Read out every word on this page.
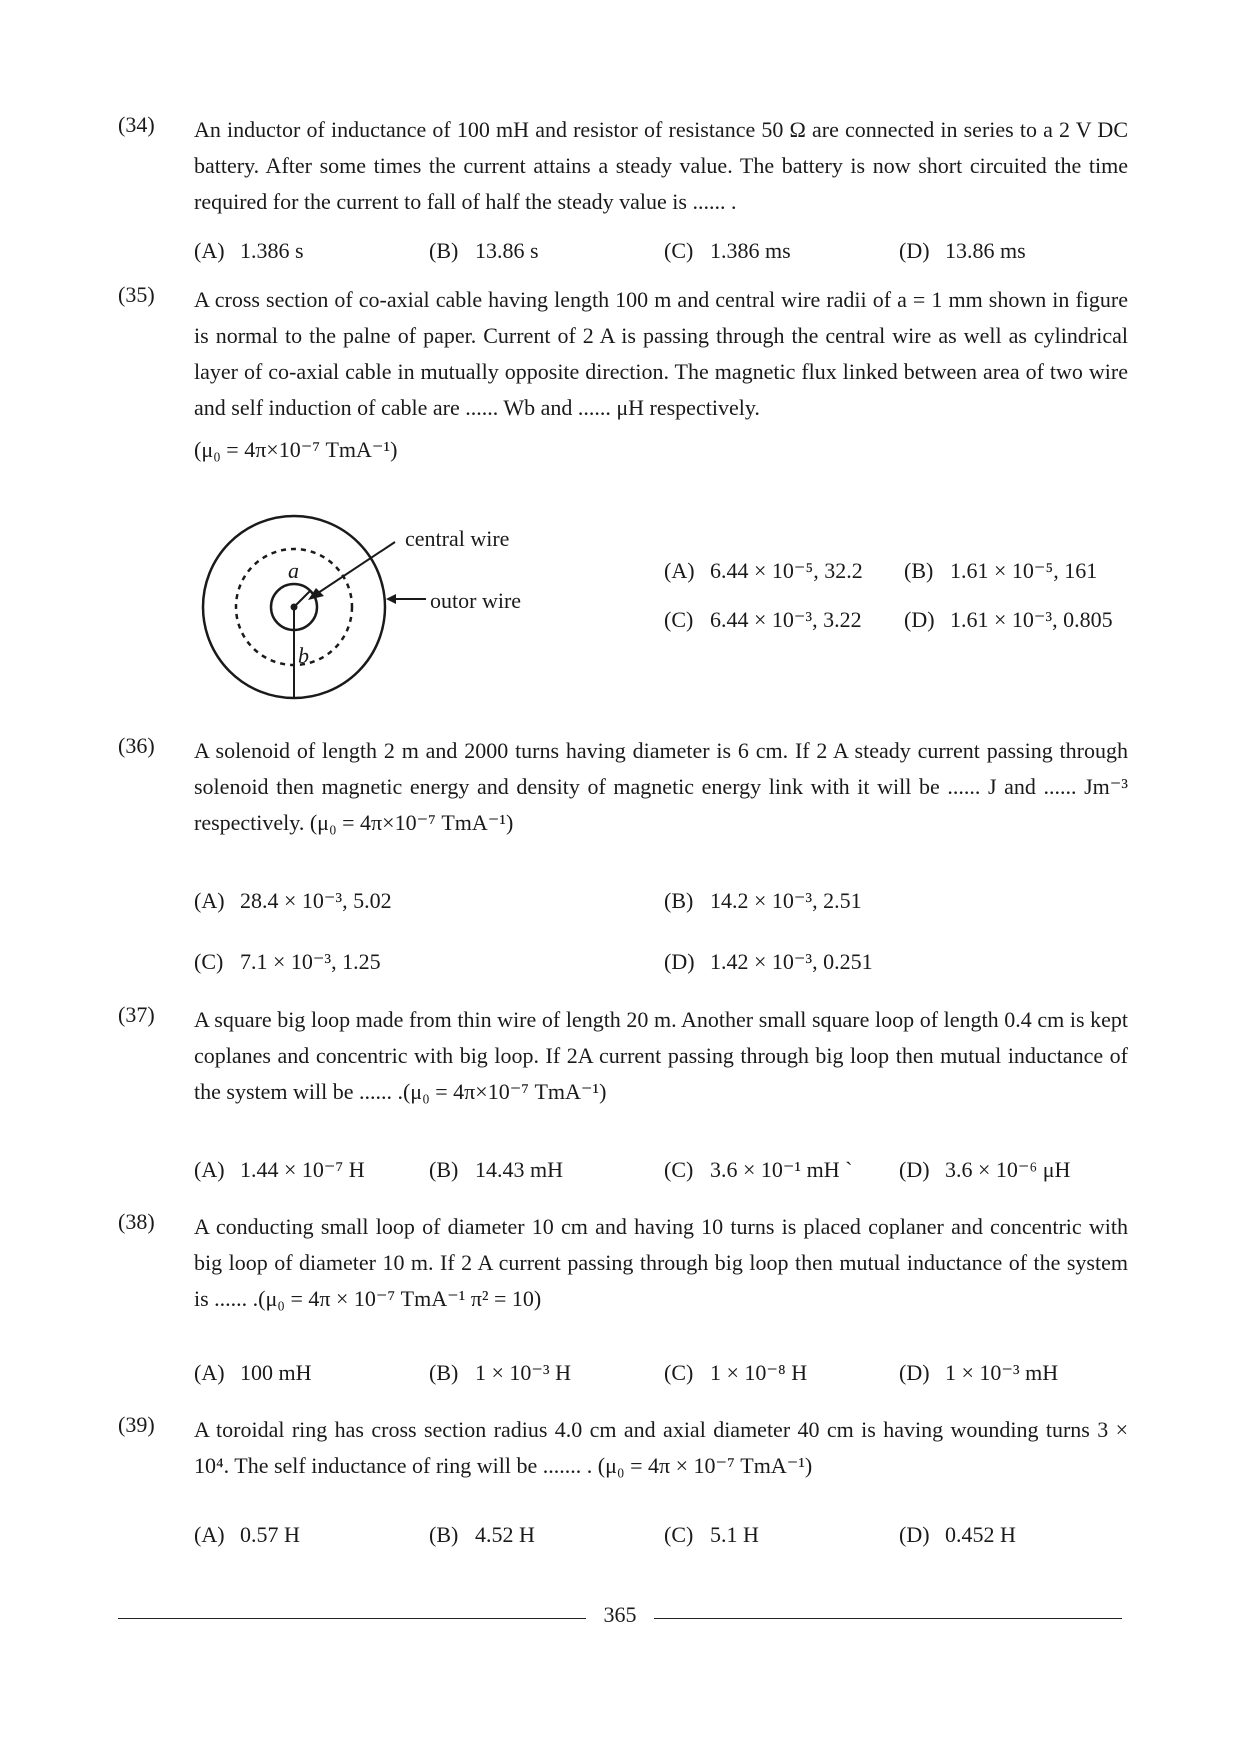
(34)	An inductor of inductance of 100 mH and resistor of resistance 50 Ω are connected in series to a 2 V DC battery. After some times the current attains a steady value. The battery is now short circuited the time required for the current to fall of half the steady value is ...... .
(A) 1.386 s	(B) 13.86 s	(C) 1.386 ms	(D) 13.86 ms
(35)	A cross section of co-axial cable having length 100 m and central wire radii of a = 1 mm shown in figure is normal to the palne of paper. Current of 2 A is passing through the central wire as well as cylindrical layer of co-axial cable in mutually opposite direction. The magnetic flux linked between area of two wire and self induction of cable are ...... Wb and ...... μH respectively.
(μ₀ = 4π×10⁻⁷ TmA⁻¹)
a
b
central wire
outor wire
(A) 6.44 × 10⁻⁵, 32.2 (B) 1.61 × 10⁻⁵, 161
(C) 6.44 × 10⁻³, 3.22 (D) 1.61 × 10⁻³, 0.805
(36)	A solenoid of length 2 m and 2000 turns having diameter is 6 cm. If 2 A steady current passing through solenoid then magnetic energy and density of magnetic energy link with it will be ...... J and ...... Jm⁻³ respectively. (μ₀ = 4π×10⁻⁷ TmA⁻¹)
(A) 28.4 × 10⁻³, 5.02	(B) 14.2 × 10⁻³, 2.51
(C) 7.1 × 10⁻³, 1.25	(D) 1.42 × 10⁻³, 0.251
(37)	A square big loop made from thin wire of length 20 m. Another small square loop of length 0.4 cm is kept coplanes and concentric with big loop. If 2A current passing through big loop then mutual inductance of the system will be ...... .(μ₀ = 4π×10⁻⁷ TmA⁻¹)
(A) 1.44 × 10⁻⁷ H	(B) 14.43 mH	(C) 3.6 × 10⁻¹ mH ` (D) 3.6 × 10⁻⁶ μH
(38)	A conducting small loop of diameter 10 cm and having 10 turns is placed coplaner and concentric with big loop of diameter 10 m. If 2 A current passing through big loop then mutual inductance of the system is ...... .(μ₀ = 4π × 10⁻⁷ TmA⁻¹ π² = 10)
(A) 100 mH	(B) 1 × 10⁻³ H	(C) 1 × 10⁻⁸ H	(D) 1 × 10⁻³ mH
(39)	A toroidal ring has cross section radius 4.0 cm and axial diameter 40 cm is having wounding turns 3 × 10⁴. The self inductance of ring will be ....... . (μ₀ = 4π × 10⁻⁷ TmA⁻¹)
(A) 0.57 H	(B) 4.52 H	(C) 5.1 H	(D) 0.452 H
365
